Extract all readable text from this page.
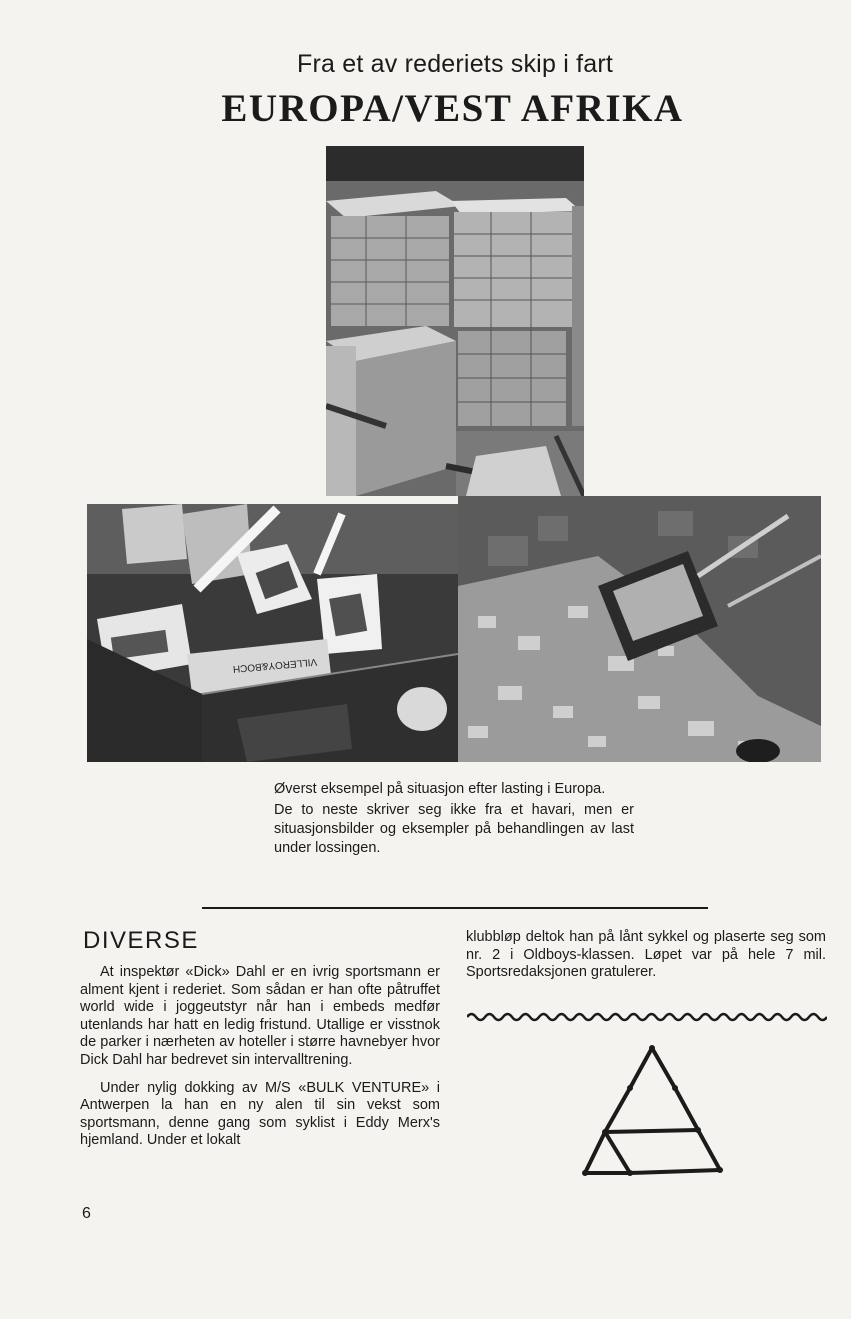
Fra et av rederiets skip i fart
EUROPA/VEST AFRIKA
VILLEROY&BOCH

Øverst eksempel på situasjon efter lasting i Europa.

De to neste skriver seg ikke fra et havari, men er situasjonsbilder og eksempler på behandlingen av last under lossingen.

DIVERSE

At inspektør «Dick» Dahl er en ivrig sportsmann er alment kjent i rederiet. Som sådan er han ofte påtruffet world wide i joggeutstyr når han i embeds medfør utenlands har hatt en ledig fristund. Utallige er visstnok de parker i nærheten av hoteller i større havnebyer hvor Dick Dahl har bedrevet sin intervalltrening.

Under nylig dokking av M/S «BULK VENTURE» i Antwerpen la han en ny alen til sin vekst som sportsmann, denne gang som syklist i Eddy Merx's hjemland. Under et lokalt

klubbløp deltok han på lånt sykkel og plaserte seg som nr. 2 i Oldboys-klassen. Løpet var på hele 7 mil. Sportsredaksjonen gratulerer.

6
